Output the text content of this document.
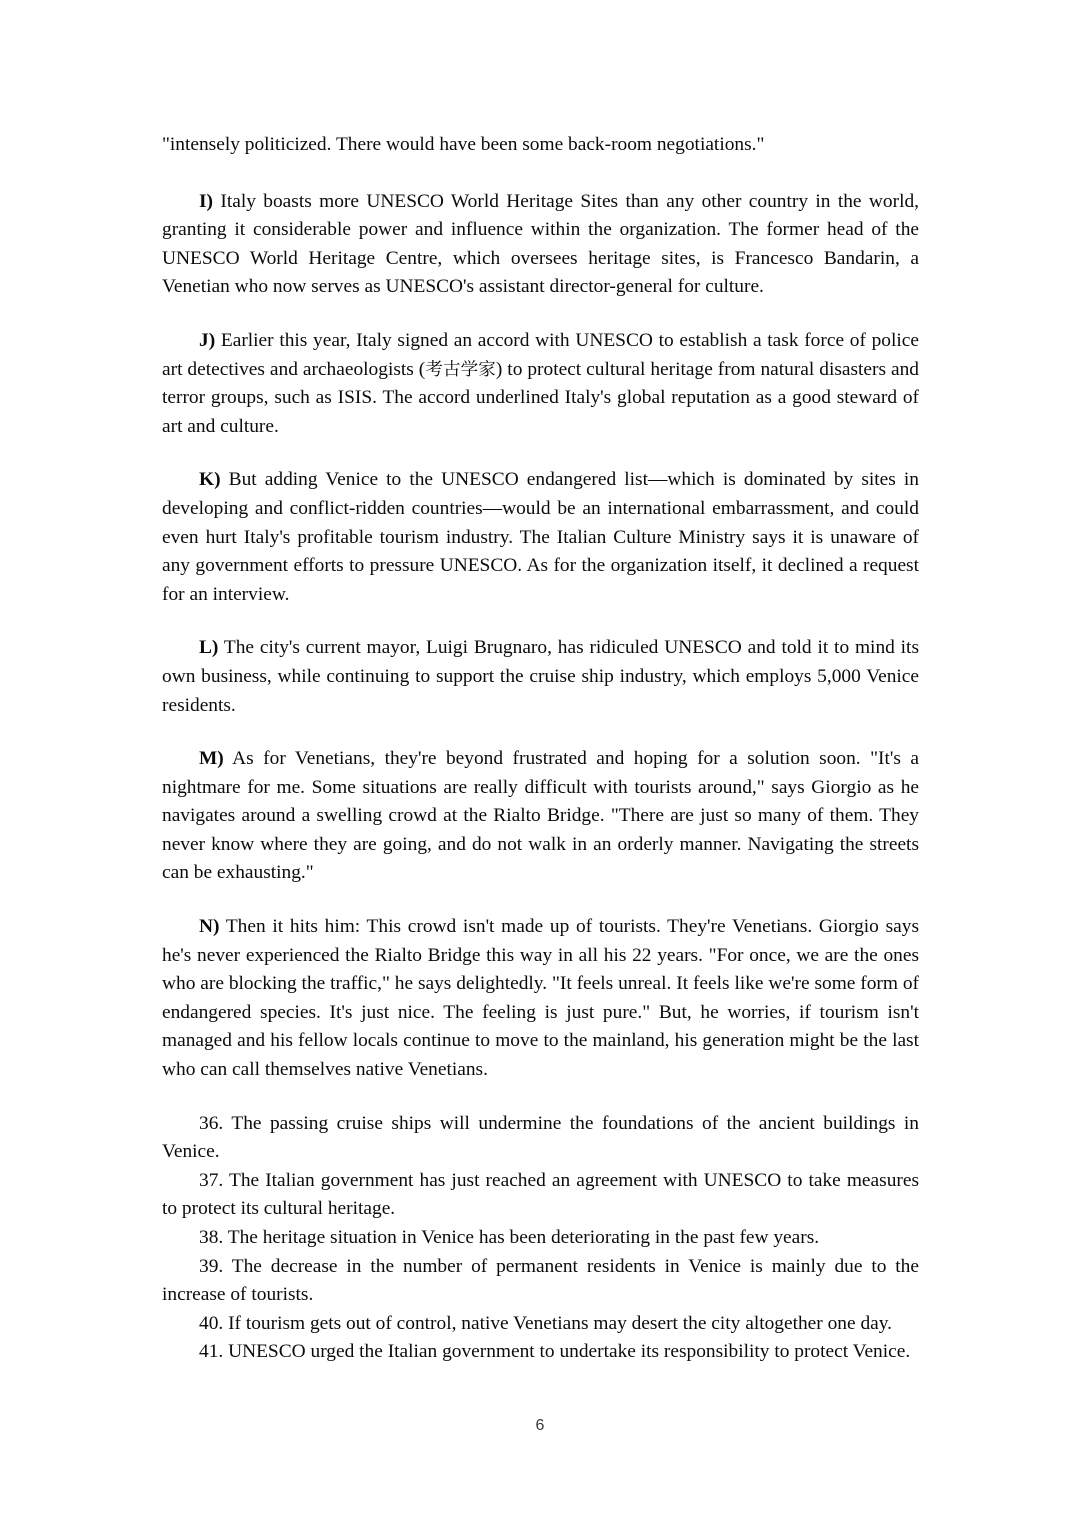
"intensely politicized. There would have been some back-room negotiations."

I) Italy boasts more UNESCO World Heritage Sites than any other country in the world, granting it considerable power and influence within the organization. The former head of the UNESCO World Heritage Centre, which oversees heritage sites, is Francesco Bandarin, a Venetian who now serves as UNESCO's assistant director-general for culture.

J) Earlier this year, Italy signed an accord with UNESCO to establish a task force of police art detectives and archaeologists (考古学家) to protect cultural heritage from natural disasters and terror groups, such as ISIS. The accord underlined Italy's global reputation as a good steward of art and culture.

K) But adding Venice to the UNESCO endangered list—which is dominated by sites in developing and conflict-ridden countries—would be an international embarrassment, and could even hurt Italy's profitable tourism industry. The Italian Culture Ministry says it is unaware of any government efforts to pressure UNESCO. As for the organization itself, it declined a request for an interview.

L) The city's current mayor, Luigi Brugnaro, has ridiculed UNESCO and told it to mind its own business, while continuing to support the cruise ship industry, which employs 5,000 Venice residents.

M) As for Venetians, they're beyond frustrated and hoping for a solution soon. "It's a nightmare for me. Some situations are really difficult with tourists around," says Giorgio as he navigates around a swelling crowd at the Rialto Bridge. "There are just so many of them. They never know where they are going, and do not walk in an orderly manner. Navigating the streets can be exhausting."

N) Then it hits him: This crowd isn't made up of tourists. They're Venetians. Giorgio says he's never experienced the Rialto Bridge this way in all his 22 years. "For once, we are the ones who are blocking the traffic," he says delightedly. "It feels unreal. It feels like we're some form of endangered species. It's just nice. The feeling is just pure." But, he worries, if tourism isn't managed and his fellow locals continue to move to the mainland, his generation might be the last who can call themselves native Venetians.

36. The passing cruise ships will undermine the foundations of the ancient buildings in Venice.

37. The Italian government has just reached an agreement with UNESCO to take measures to protect its cultural heritage.

38. The heritage situation in Venice has been deteriorating in the past few years.

39. The decrease in the number of permanent residents in Venice is mainly due to the increase of tourists.

40. If tourism gets out of control, native Venetians may desert the city altogether one day.

41. UNESCO urged the Italian government to undertake its responsibility to protect Venice.

6
